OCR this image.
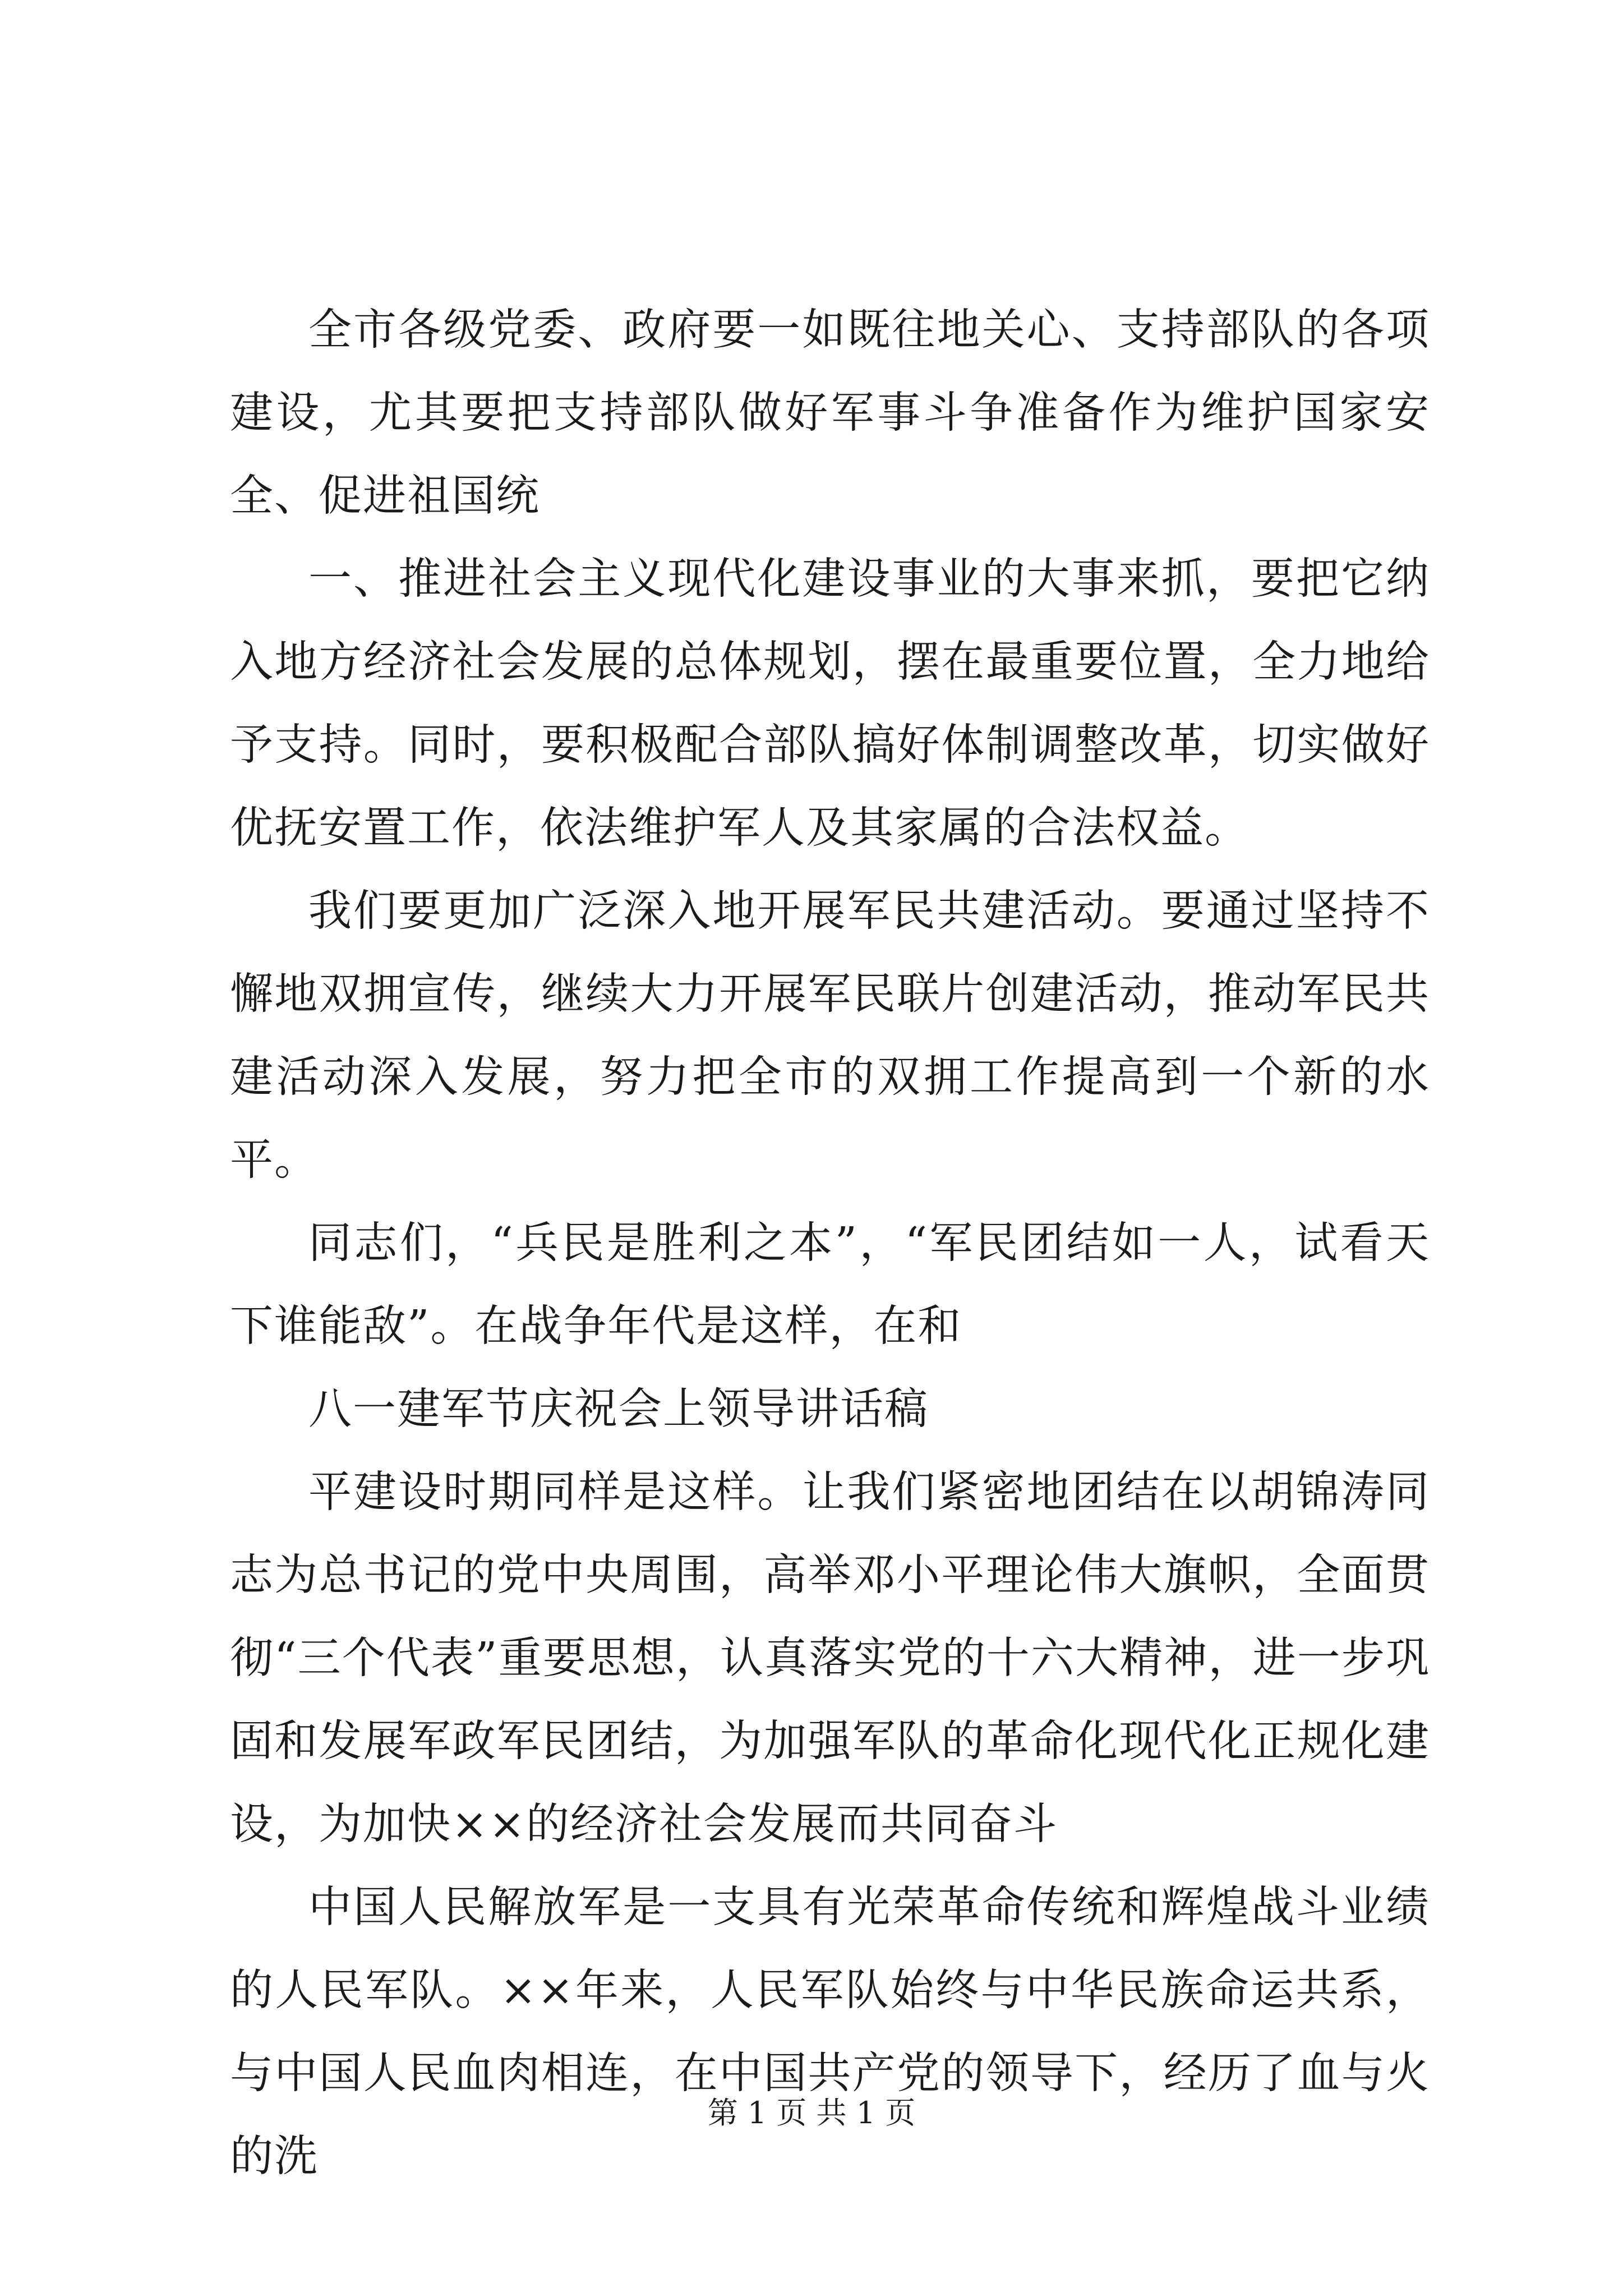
全市各级党委、政府要一如既往地关心、支持部队的各项建设，尤其要把支持部队做好军事斗争准备作为维护国家安全、促进祖国统

一、推进社会主义现代化建设事业的大事来抓，要把它纳入地方经济社会发展的总体规划，摆在最重要位置，全力地给予支持。同时，要积极配合部队搞好体制调整改革，切实做好优抚安置工作，依法维护军人及其家属的合法权益。

我们要更加广泛深入地开展军民共建活动。要通过坚持不懈地双拥宣传，继续大力开展军民联片创建活动，推动军民共建活动深入发展，努力把全市的双拥工作提高到一个新的水平。

同志们，“兵民是胜利之本”，“军民团结如一人，试看天下谁能敌”。在战争年代是这样，在和

八一建军节庆祝会上领导讲话稿

平建设时期同样是这样。让我们紧密地团结在以胡锦涛同志为总书记的党中央周围，高举邓小平理论伟大旗帜，全面贯彻“三个代表”重要思想，认真落实党的十六大精神，进一步巩固和发展军政军民团结，为加强军队的革命化现代化正规化建设，为加快××的经济社会发展而共同奋斗

中国人民解放军是一支具有光荣革命传统和辉煌战斗业绩的人民军队。××年来，人民军队始终与中华民族命运共系，与中国人民血肉相连，在中国共产党的领导下，经历了血与火的洗

第 1 页 共 1 页
